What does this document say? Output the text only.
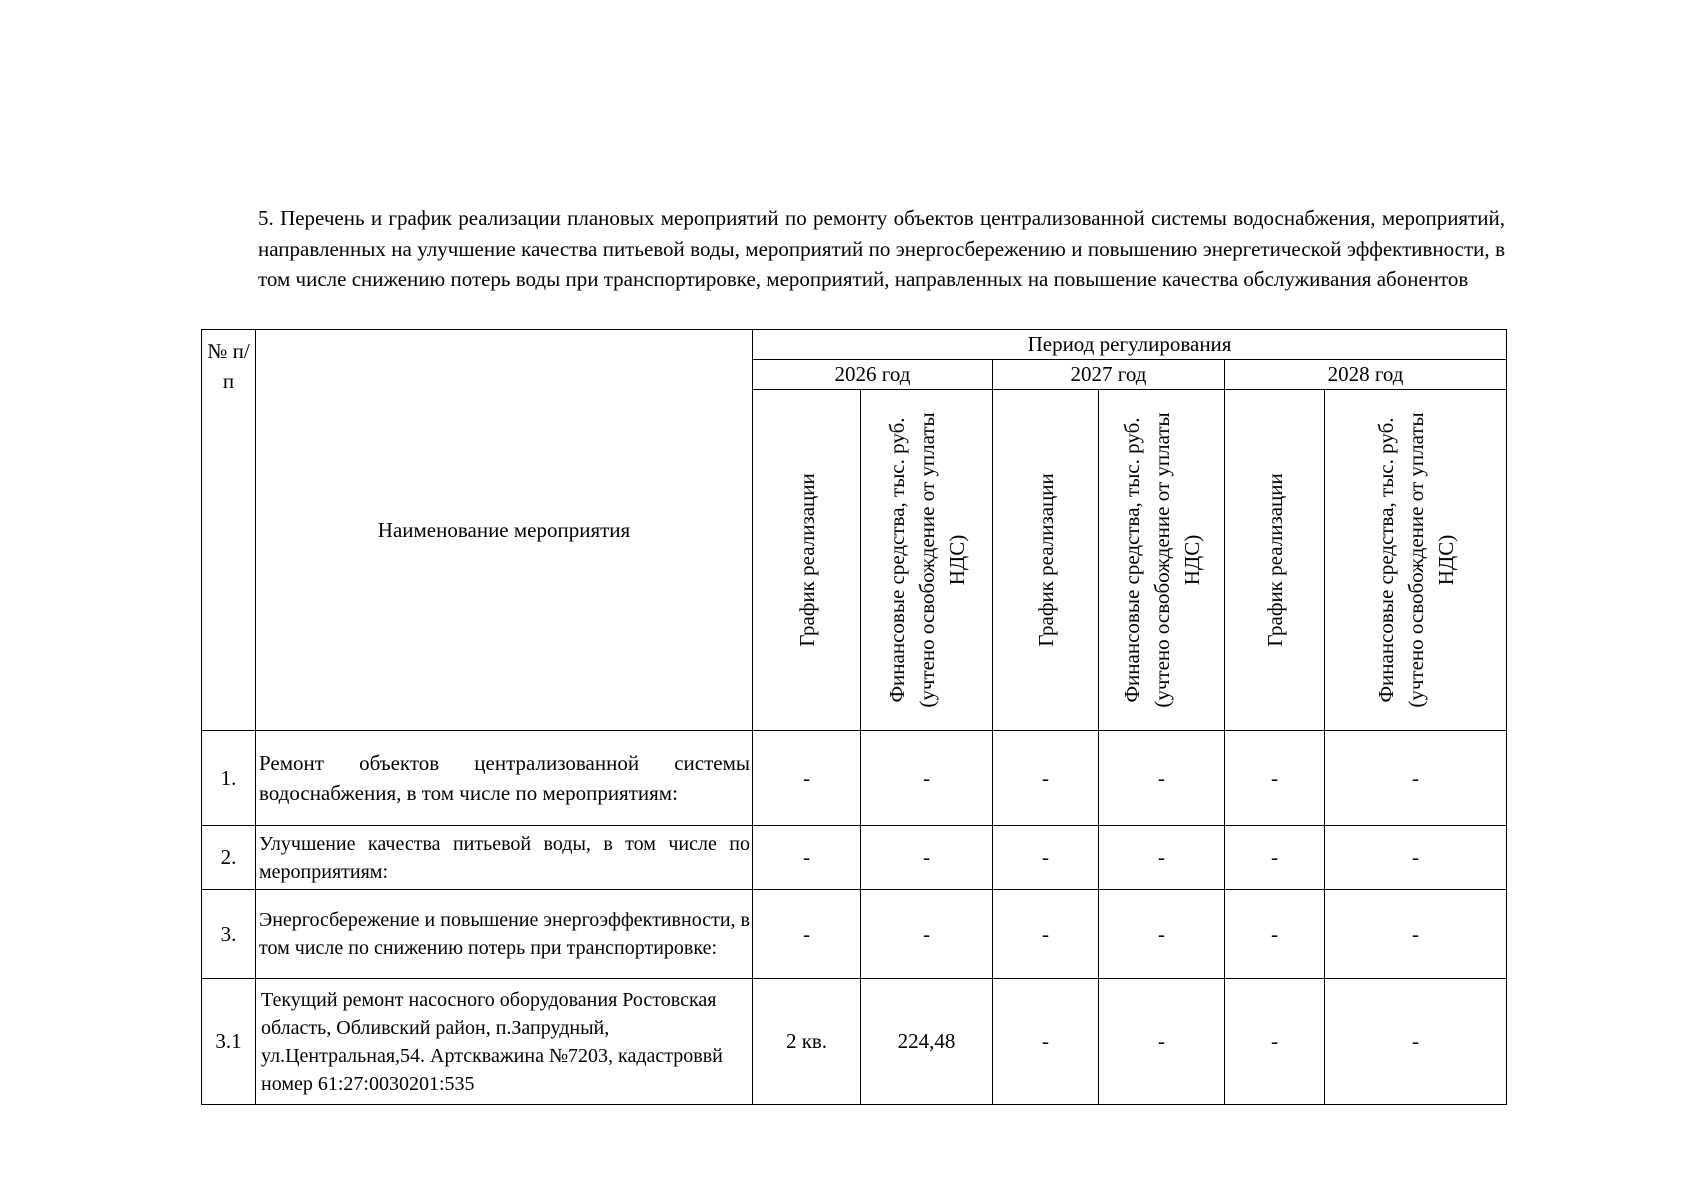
5. Перечень и график реализации плановых мероприятий по ремонту объектов централизованной системы водоснабжения, мероприятий, направленных на улучшение качества питьевой воды, мероприятий по энергосбережению и повышению энергетической эффективности, в том числе снижению потерь воды при транспортировке, мероприятий, направленных на повышение качества обслуживания абонентов

№ п/п	Наименование мероприятия	Период регулирования					
		2026 год		2027 год		2028 год	

		График реализации	Финансовые средства, тыс. руб. (учтено освобождение от уплаты НДС)	График реализации	Финансовые средства, тыс. руб. (учтено освобождение от уплаты НДС)	График реализации	Финансовые средства, тыс. руб. (учтено освобождение от уплаты НДС)

1.	Ремонт объектов централизованной системы водоснабжения, в том числе по мероприятиям:	-	-	-	-	-	-
2.	Улучшение качества питьевой воды, в том числе по мероприятиям:	-	-	-	-	-	-
3.	Энергосбережение и повышение энергоэффективности, в том числе по снижению потерь при транспортировке:	-	-	-	-	-	-
3.1	Текущий ремонт насосного оборудования Ростовская область, Обливский район, п.Запрудный, ул.Центральная,54. Артскважина №7203, кадастроввй номер 61:27:0030201:535	2 кв.	224,48	-	-	-	-
